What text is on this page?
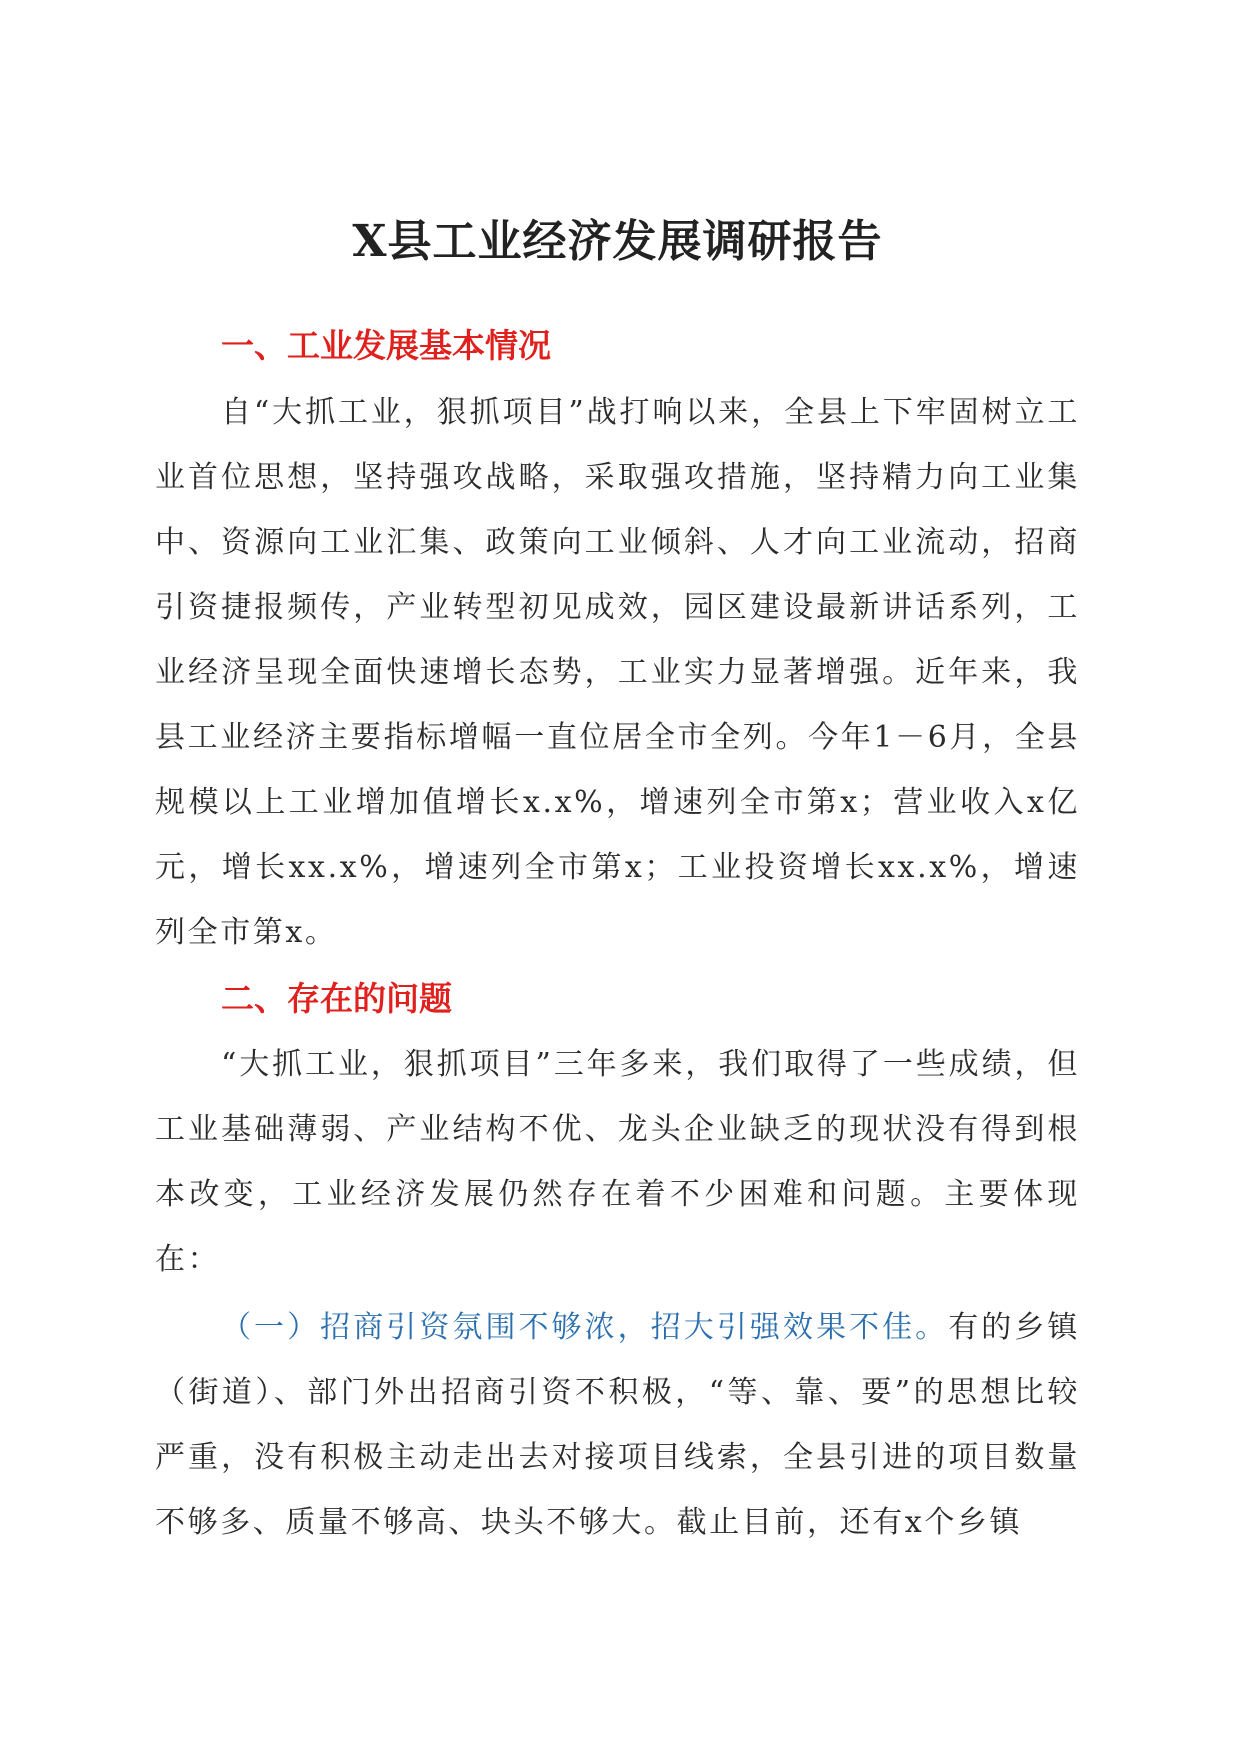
X县工业经济发展调研报告
一、工业发展基本情况

自“大抓工业，狠抓项目”战打响以来，全县上下牢固树立工业首位思想，坚持强攻战略，采取强攻措施，坚持精力向工业集中、资源向工业汇集、政策向工业倾斜、人才向工业流动，招商引资捷报频传，产业转型初见成效，园区建设最新讲话系列，工业经济呈现全面快速增长态势，工业实力显著增强。近年来，我县工业经济主要指标增幅一直位居全市全列。今年1－6月，全县规模以上工业增加值增长x.x%，增速列全市第x；营业收入x亿元，增长xx.x%，增速列全市第x；工业投资增长xx.x%，增速列全市第x。

二、存在的问题

“大抓工业，狠抓项目”三年多来，我们取得了一些成绩，但工业基础薄弱、产业结构不优、龙头企业缺乏的现状没有得到根本改变，工业经济发展仍然存在着不少困难和问题。主要体现在：

（一）招商引资氛围不够浓，招大引强效果不佳。有的乡镇（街道）、部门外出招商引资不积极，“等、靠、要”的思想比较严重，没有积极主动走出去对接项目线索，全县引进的项目数量不够多、质量不够高、块头不够大。截止目前，还有x个乡镇
